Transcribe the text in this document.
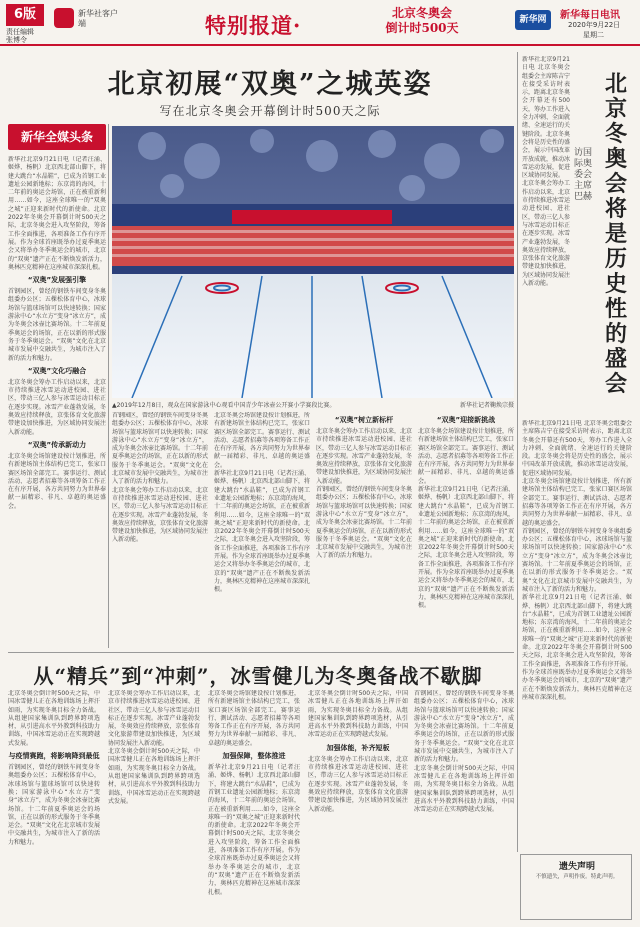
6版
责任编辑
张博令
新华社客户端	特别报道·	北京冬奥会
倒计时500天
新华网	新华每日电讯
2020年9月22日
星期二
北京初展“双奥”之城英姿
写在北京冬奥会开幕倒计时500天之际
新华全媒头条
新华社北京9月21日电（记者汪涌、姬烨、杨帆）北京西北部山脚下，将建大跳台“水晶鞋”，已成为首钢工业遗址公园新地标；东京湾的海风，十二年前的奥运会场馆，正在被重新利用……如今，这座全球唯一的“双奥之城”正迎来新时代的新使命。北京2022年冬奥会开幕倒计时500天之际，北京冬奥会进入攻坚阶段，筹备工作全面推进，各项准备工作有序开展。作为全球首座既举办过夏季奥运会又将举办冬季奥运会的城市，北京的“双奥”遗产正在不断焕发新活力，奥林匹克精神在这座城市深深扎根。
“双奥”发展强引擎
首钢园区，曾经的钢铁车间变身冬奥组委办公区；五棵松体育中心，冰球场馆与篮球场馆可以快速转换；国家游泳中心“水立方”变身“冰立方”，成为冬奥会冰壶比赛场馆。十二年前夏季奥运会的场馆，正在以新的形式服务于冬季奥运会。“双奥”文化在北京城市发展中交融共生，为城市注入了新的活力和魅力。
“双奥”文化巧融合
北京冬奥会筹办工作启动以来，北京市持续推进冰雪运动进校园、进社区，带动三亿人参与冰雪运动目标正在逐步实现。冰雪产业蓬勃发展，冬奥效应持续释放，京张体育文化旅游带建设加快推进，为区域协同发展注入新动能。
“双奥”传承新动力
北京冬奥会场馆建设按计划推进，所有新建场馆主体结构已完工，张家口赛区场馆全部完工。赛事运行、测试活动、志愿者招募等各项筹备工作正在有序开展，各方共同努力为世界奉献一届精彩、非凡、卓越的奥运盛会。
▲2019年12月8日，观众在国家游泳中心观看中国青少年冰壶公开赛小学赛段比赛。	新华社记者鞠焕宗摄
首钢园区，曾经的钢铁车间变身冬奥组委办公区；五棵松体育中心，冰球场馆与篮球场馆可以快速转换；国家游泳中心“水立方”变身“冰立方”，成为冬奥会冰壶比赛场馆。十二年前夏季奥运会的场馆，正在以新的形式服务于冬季奥运会。“双奥”文化在北京城市发展中交融共生，为城市注入了新的活力和魅力。
北京冬奥会筹办工作启动以来，北京市持续推进冰雪运动进校园、进社区，带动三亿人参与冰雪运动目标正在逐步实现。冰雪产业蓬勃发展，冬奥效应持续释放，京张体育文化旅游带建设加快推进，为区域协同发展注入新动能。
北京冬奥会场馆建设按计划推进，所有新建场馆主体结构已完工，张家口赛区场馆全部完工。赛事运行、测试活动、志愿者招募等各项筹备工作正在有序开展，各方共同努力为世界奉献一届精彩、非凡、卓越的奥运盛会。
新华社北京9月21日电（记者汪涌、姬烨、杨帆）北京西北部山脚下，将建大跳台“水晶鞋”，已成为首钢工业遗址公园新地标；东京湾的海风，十二年前的奥运会场馆，正在被重新利用……如今，这座全球唯一的“双奥之城”正迎来新时代的新使命。北京2022年冬奥会开幕倒计时500天之际，北京冬奥会进入攻坚阶段，筹备工作全面推进，各项准备工作有序开展。作为全球首座既举办过夏季奥运会又将举办冬季奥运会的城市，北京的“双奥”遗产正在不断焕发新活力，奥林匹克精神在这座城市深深扎根。
“双奥”树立新标杆
北京冬奥会筹办工作启动以来，北京市持续推进冰雪运动进校园、进社区，带动三亿人参与冰雪运动目标正在逐步实现。冰雪产业蓬勃发展，冬奥效应持续释放，京张体育文化旅游带建设加快推进，为区域协同发展注入新动能。
首钢园区，曾经的钢铁车间变身冬奥组委办公区；五棵松体育中心，冰球场馆与篮球场馆可以快速转换；国家游泳中心“水立方”变身“冰立方”，成为冬奥会冰壶比赛场馆。十二年前夏季奥运会的场馆，正在以新的形式服务于冬季奥运会。“双奥”文化在北京城市发展中交融共生，为城市注入了新的活力和魅力。
“双奥”迎接新挑战
北京冬奥会场馆建设按计划推进，所有新建场馆主体结构已完工，张家口赛区场馆全部完工。赛事运行、测试活动、志愿者招募等各项筹备工作正在有序开展，各方共同努力为世界奉献一届精彩、非凡、卓越的奥运盛会。
新华社北京9月21日电（记者汪涌、姬烨、杨帆）北京西北部山脚下，将建大跳台“水晶鞋”，已成为首钢工业遗址公园新地标；东京湾的海风，十二年前的奥运会场馆，正在被重新利用……如今，这座全球唯一的“双奥之城”正迎来新时代的新使命。北京2022年冬奥会开幕倒计时500天之际，北京冬奥会进入攻坚阶段，筹备工作全面推进，各项准备工作有序开展。作为全球首座既举办过夏季奥运会又将举办冬季奥运会的城市，北京的“双奥”遗产正在不断焕发新活力，奥林匹克精神在这座城市深深扎根。
北京冬奥会将是历史性的盛会
访国际奥委会主席巴赫
新华社北京9月21日电 北京冬奥会组委会主席陈吉宁在接受采访时表示，距离北京冬奥会开幕还有500天，筹办工作进入全力冲刺、全面就绪、全速运行的关键阶段。北京冬奥会将是历史性的盛会，展示中国改革开放成就，推动冰雪运动发展，促进区域协同发展。
北京冬奥会筹办工作启动以来，北京市持续推进冰雪运动进校园、进社区，带动三亿人参与冰雪运动目标正在逐步实现。冰雪产业蓬勃发展，冬奥效应持续释放，京张体育文化旅游带建设加快推进，为区域协同发展注入新动能。
新华社北京9月21日电 北京冬奥会组委会主席陈吉宁在接受采访时表示，距离北京冬奥会开幕还有500天，筹办工作进入全力冲刺、全面就绪、全速运行的关键阶段。北京冬奥会将是历史性的盛会，展示中国改革开放成就，推动冰雪运动发展，促进区域协同发展。
北京冬奥会场馆建设按计划推进，所有新建场馆主体结构已完工，张家口赛区场馆全部完工。赛事运行、测试活动、志愿者招募等各项筹备工作正在有序开展，各方共同努力为世界奉献一届精彩、非凡、卓越的奥运盛会。
首钢园区，曾经的钢铁车间变身冬奥组委办公区；五棵松体育中心，冰球场馆与篮球场馆可以快速转换；国家游泳中心“水立方”变身“冰立方”，成为冬奥会冰壶比赛场馆。十二年前夏季奥运会的场馆，正在以新的形式服务于冬季奥运会。“双奥”文化在北京城市发展中交融共生，为城市注入了新的活力和魅力。
新华社北京9月21日电（记者汪涌、姬烨、杨帆）北京西北部山脚下，将建大跳台“水晶鞋”，已成为首钢工业遗址公园新地标；东京湾的海风，十二年前的奥运会场馆，正在被重新利用……如今，这座全球唯一的“双奥之城”正迎来新时代的新使命。北京2022年冬奥会开幕倒计时500天之际，北京冬奥会进入攻坚阶段，筹备工作全面推进，各项准备工作有序开展。作为全球首座既举办过夏季奥运会又将举办冬季奥运会的城市，北京的“双奥”遗产正在不断焕发新活力，奥林匹克精神在这座城市深深扎根。
从“精兵”到“冲刺”，冰雪健儿为冬奥备战不歇脚
北京冬奥会倒计时500天之际，中国冰雪健儿正在各地训练场上挥汗如雨，为实现冬奥目标全力备战。从组建国家集训队到跨界跨项选材，从引进高水平外教到科技助力训练，中国冰雪运动正在实现跨越式发展。
与疫情赛跑，将影响降到最低
首钢园区，曾经的钢铁车间变身冬奥组委办公区；五棵松体育中心，冰球场馆与篮球场馆可以快速转换；国家游泳中心“水立方”变身“冰立方”，成为冬奥会冰壶比赛场馆。十二年前夏季奥运会的场馆，正在以新的形式服务于冬季奥运会。“双奥”文化在北京城市发展中交融共生，为城市注入了新的活力和魅力。
北京冬奥会筹办工作启动以来，北京市持续推进冰雪运动进校园、进社区，带动三亿人参与冰雪运动目标正在逐步实现。冰雪产业蓬勃发展，冬奥效应持续释放，京张体育文化旅游带建设加快推进，为区域协同发展注入新动能。
北京冬奥会倒计时500天之际，中国冰雪健儿正在各地训练场上挥汗如雨，为实现冬奥目标全力备战。从组建国家集训队到跨界跨项选材，从引进高水平外教到科技助力训练，中国冰雪运动正在实现跨越式发展。
北京冬奥会场馆建设按计划推进，所有新建场馆主体结构已完工，张家口赛区场馆全部完工。赛事运行、测试活动、志愿者招募等各项筹备工作正在有序开展，各方共同努力为世界奉献一届精彩、非凡、卓越的奥运盛会。
加强保障，整体推进
新华社北京9月21日电（记者汪涌、姬烨、杨帆）北京西北部山脚下，将建大跳台“水晶鞋”，已成为首钢工业遗址公园新地标；东京湾的海风，十二年前的奥运会场馆，正在被重新利用……如今，这座全球唯一的“双奥之城”正迎来新时代的新使命。北京2022年冬奥会开幕倒计时500天之际，北京冬奥会进入攻坚阶段，筹备工作全面推进，各项准备工作有序开展。作为全球首座既举办过夏季奥运会又将举办冬季奥运会的城市，北京的“双奥”遗产正在不断焕发新活力，奥林匹克精神在这座城市深深扎根。
北京冬奥会倒计时500天之际，中国冰雪健儿正在各地训练场上挥汗如雨，为实现冬奥目标全力备战。从组建国家集训队到跨界跨项选材，从引进高水平外教到科技助力训练，中国冰雪运动正在实现跨越式发展。
加强体能，补齐短板
北京冬奥会筹办工作启动以来，北京市持续推进冰雪运动进校园、进社区，带动三亿人参与冰雪运动目标正在逐步实现。冰雪产业蓬勃发展，冬奥效应持续释放，京张体育文化旅游带建设加快推进，为区域协同发展注入新动能。
首钢园区，曾经的钢铁车间变身冬奥组委办公区；五棵松体育中心，冰球场馆与篮球场馆可以快速转换；国家游泳中心“水立方”变身“冰立方”，成为冬奥会冰壶比赛场馆。十二年前夏季奥运会的场馆，正在以新的形式服务于冬季奥运会。“双奥”文化在北京城市发展中交融共生，为城市注入了新的活力和魅力。
北京冬奥会倒计时500天之际，中国冰雪健儿正在各地训练场上挥汗如雨，为实现冬奥目标全力备战。从组建国家集训队到跨界跨项选材，从引进高水平外教到科技助力训练，中国冰雪运动正在实现跨越式发展。
遗失声明
不慎遗失，声明作废。特此声明。
